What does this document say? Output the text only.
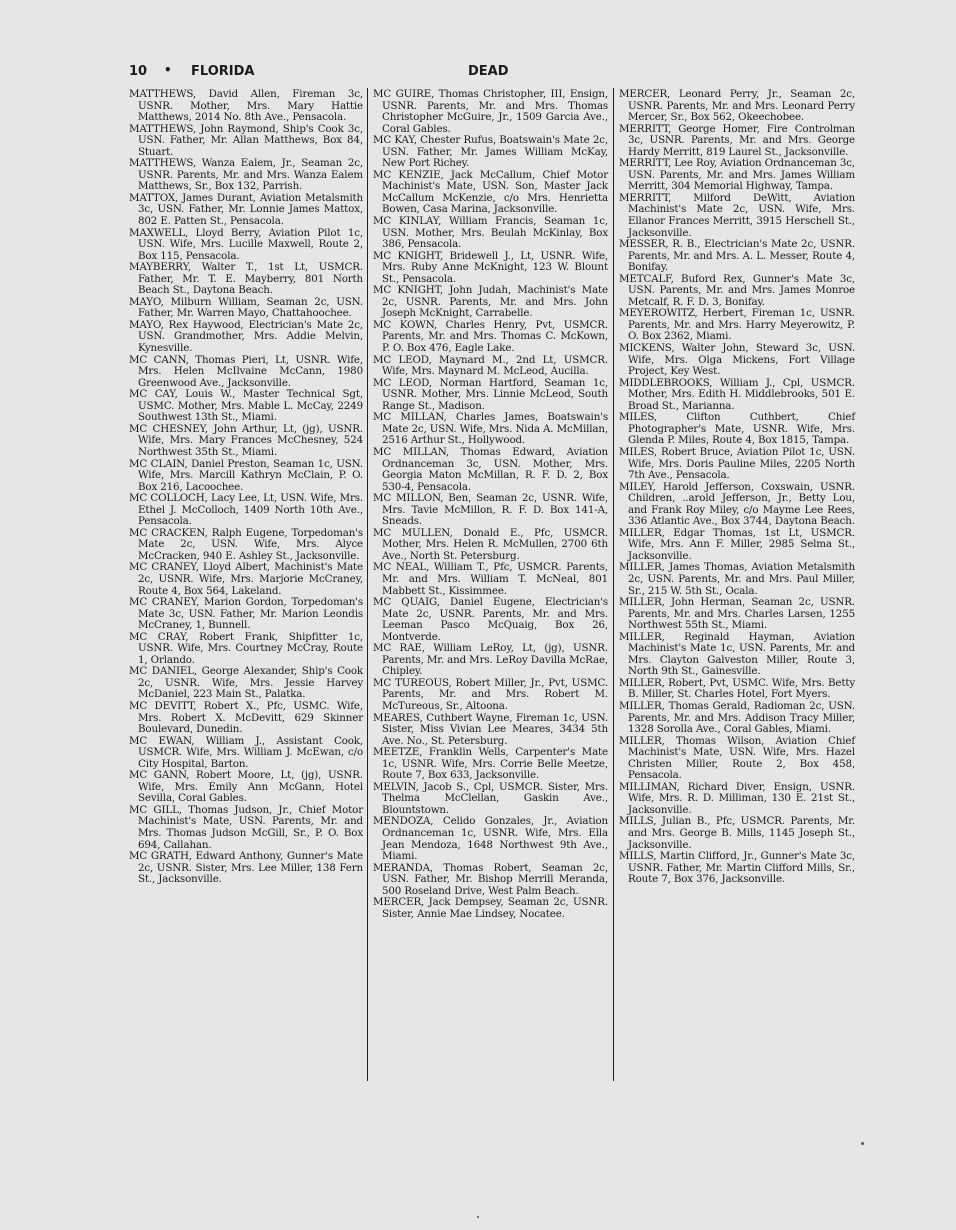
10 • FLORIDA	DEAD

MATTHEWS, David Allen, Fireman 3c, USNR. Mother, Mrs. Mary Hattie Matthews, 2014 No. 8th Ave., Pensacola.

MATTHEWS, John Raymond, Ship's Cook 3c, USN. Father, Mr. Allan Matthews, Box 84, Stuart.

MATTHEWS, Wanza Ealem, Jr., Seaman 2c, USNR. Parents, Mr. and Mrs. Wanza Ealem Matthews, Sr., Box 132, Parrish.

MATTOX, James Durant, Aviation Metalsmith 3c, USN. Father, Mr. Lonnie James Mattox, 802 E. Patten St., Pensacola.

MAXWELL, Lloyd Berry, Aviation Pilot 1c, USN. Wife, Mrs. Lucille Maxwell, Route 2, Box 115, Pensacola.

MAYBERRY, Walter T., 1st Lt, USMCR. Father, Mr. T. E. Mayberry, 801 North Beach St., Daytona Beach.

MAYO, Milburn William, Seaman 2c, USN. Father, Mr. Warren Mayo, Chattahoochee.

MAYO, Rex Haywood, Electrician's Mate 2c, USN. Grandmother, Mrs. Addie Melvin, Kynesville.

MC CANN, Thomas Pieri, Lt, USNR. Wife, Mrs. Helen McIlvaine McCann, 1980 Greenwood Ave., Jacksonville.

MC CAY, Louis W., Master Technical Sgt, USMC. Mother, Mrs. Mable L. McCay, 2249 Southwest 13th St., Miami.

MC CHESNEY, John Arthur, Lt, (jg), USNR. Wife, Mrs. Mary Frances McChesney, 524 Northwest 35th St., Miami.

MC CLAIN, Daniel Preston, Seaman 1c, USN. Wife, Mrs. Marcill Kathryn McClain, P. O. Box 216, Lacoochee.

MC COLLOCH, Lacy Lee, Lt, USN. Wife, Mrs. Ethel J. McColloch, 1409 North 10th Ave., Pensacola.

MC CRACKEN, Ralph Eugene, Torpedoman's Mate 2c, USN. Wife, Mrs. Alyce McCracken, 940 E. Ashley St., Jacksonville.

MC CRANEY, Lloyd Albert, Machinist's Mate 2c, USNR. Wife, Mrs. Marjorie McCraney, Route 4, Box 564, Lakeland.

MC CRANEY, Marion Gordon, Torpedoman's Mate 3c, USN. Father, Mr. Marion Leondis McCraney, 1, Bunnell.

MC CRAY, Robert Frank, Shipfitter 1c, USNR. Wife, Mrs. Courtney McCray, Route 1, Orlando.

MC DANIEL, George Alexander, Ship's Cook 2c, USNR. Wife, Mrs. Jessie Harvey McDaniel, 223 Main St., Palatka.

MC DEVITT, Robert X., Pfc, USMC. Wife, Mrs. Robert X. McDevitt, 629 Skinner Boulevard, Dunedin.

MC EWAN, William J., Assistant Cook, USMCR. Wife, Mrs. William J. McEwan, c/o City Hospital, Barton.

MC GANN, Robert Moore, Lt, (jg), USNR. Wife, Mrs. Emily Ann McGann, Hotel Sevilla, Coral Gables.

MC GILL, Thomas Judson, Jr., Chief Motor Machinist's Mate, USN. Parents, Mr. and Mrs. Thomas Judson McGill, Sr., P. O. Box 694, Callahan.

MC GRATH, Edward Anthony, Gunner's Mate 2c, USNR. Sister, Mrs. Lee Miller, 138 Fern St., Jacksonville.

MC GUIRE, Thomas Christopher, III, Ensign, USNR. Parents, Mr. and Mrs. Thomas Christopher McGuire, Jr., 1509 Garcia Ave., Coral Gables.

MC KAY, Chester Rufus, Boatswain's Mate 2c, USN. Father, Mr. James William McKay, New Port Richey.

MC KENZIE, Jack McCallum, Chief Motor Machinist's Mate, USN. Son, Master Jack McCallum McKenzie, c/o Mrs. Henrietta Bowen, Casa Marina, Jacksonville.

MC KINLAY, William Francis, Seaman 1c, USN. Mother, Mrs. Beulah McKinlay, Box 386, Pensacola.

MC KNIGHT, Bridewell J., Lt, USNR. Wife, Mrs. Ruby Anne McKnight, 123 W. Blount St., Pensacola.

MC KNIGHT, John Judah, Machinist's Mate 2c, USNR. Parents, Mr. and Mrs. John Joseph McKnight, Carrabelle.

MC KOWN, Charles Henry, Pvt, USMCR. Parents, Mr. and Mrs. Thomas C. McKown, P. O. Box 476, Eagle Lake.

MC LEOD, Maynard M., 2nd Lt, USMCR. Wife, Mrs. Maynard M. McLeod, Aucilla.

MC LEOD, Norman Hartford, Seaman 1c, USNR. Mother, Mrs. Linnie McLeod, South Range St., Madison.

MC MILLAN, Charles James, Boatswain's Mate 2c, USN. Wife, Mrs. Nida A. McMillan, 2516 Arthur St., Hollywood.

MC MILLAN, Thomas Edward, Aviation Ordnanceman 3c, USN. Mother, Mrs. Georgia Maton McMillan, R. F. D. 2, Box 530-4, Pensacola.

MC MILLON, Ben, Seaman 2c, USNR. Wife, Mrs. Tavie McMillon, R. F. D. Box 141-A, Sneads.

MC MULLEN, Donald E., Pfc, USMCR. Mother, Mrs. Helen R. McMullen, 2700 6th Ave., North St. Petersburg.

MC NEAL, William T., Pfc, USMCR. Parents, Mr. and Mrs. William T. McNeal, 801 Mabbett St., Kissimmee.

MC QUAIG, Daniel Eugene, Electrician's Mate 2c, USNR. Parents, Mr. and Mrs. Leeman Pasco McQuaig, Box 26, Montverde.

MC RAE, William LeRoy, Lt, (jg), USNR. Parents, Mr. and Mrs. LeRoy Davilla McRae, Chipley.

MC TUREOUS, Robert Miller, Jr., Pvt, USMC. Parents, Mr. and Mrs. Robert M. McTureous, Sr., Altoona.

MEARES, Cuthbert Wayne, Fireman 1c, USN. Sister, Miss Vivian Lee Meares, 3434 5th Ave. No., St. Petersburg.

MEETZE, Franklin Wells, Carpenter's Mate 1c, USNR. Wife, Mrs. Corrie Belle Meetze, Route 7, Box 633, Jacksonville.

MELVIN, Jacob S., Cpl, USMCR. Sister, Mrs. Thelma McClellan, Gaskin Ave., Blountstown.

MENDOZA, Celido Gonzales, Jr., Aviation Ordnanceman 1c, USNR. Wife, Mrs. Ella Jean Mendoza, 1648 Northwest 9th Ave., Miami.

MERANDA, Thomas Robert, Seaman 2c, USN. Father, Mr. Bishop Merrill Meranda, 500 Roseland Drive, West Palm Beach.

MERCER, Jack Dempsey, Seaman 2c, USNR. Sister, Annie Mae Lindsey, Nocatee.

MERCER, Leonard Perry, Jr., Seaman 2c, USNR. Parents, Mr. and Mrs. Leonard Perry Mercer, Sr., Box 562, Okeechobee.

MERRITT, George Homer, Fire Controlman 3c, USNR. Parents, Mr. and Mrs. George Hardy Merritt, 819 Laurel St., Jacksonville.

MERRITT, Lee Roy, Aviation Ordnanceman 3c, USN. Parents, Mr. and Mrs. James William Merritt, 304 Memorial Highway, Tampa.

MERRITT, Milford DeWitt, Aviation Machinist's Mate 2c, USN. Wife, Mrs. Ellanor Frances Merritt, 3915 Herschell St., Jacksonville.

MESSER, R. B., Electrician's Mate 2c, USNR. Parents, Mr. and Mrs. A. L. Messer, Route 4, Bonifay.

METCALF, Buford Rex, Gunner's Mate 3c, USN. Parents, Mr. and Mrs. James Monroe Metcalf, R. F. D. 3, Bonifay.

MEYEROWITZ, Herbert, Fireman 1c, USNR. Parents, Mr. and Mrs. Harry Meyerowitz, P. O. Box 2362, Miami.

MICKENS, Walter John, Steward 3c, USN. Wife, Mrs. Olga Mickens, Fort Village Project, Key West.

MIDDLEBROOKS, William J., Cpl, USMCR. Mother, Mrs. Edith H. Middlebrooks, 501 E. Broad St., Marianna.

MILES, Clifton Cuthbert, Chief Photographer's Mate, USNR. Wife, Mrs. Glenda P. Miles, Route 4, Box 1815, Tampa.

MILES, Robert Bruce, Aviation Pilot 1c, USN. Wife, Mrs. Doris Pauline Miles, 2205 North 7th Ave., Pensacola.

MILEY, Harold Jefferson, Coxswain, USNR. Children, ..arold Jefferson, Jr., Betty Lou, and Frank Roy Miley, c/o Mayme Lee Rees, 336 Atlantic Ave., Box 3744, Daytona Beach.

MILLER, Edgar Thomas, 1st Lt, USMCR. Wife, Mrs. Ann F. Miller, 2985 Selma St., Jacksonville.

MILLER, James Thomas, Aviation Metalsmith 2c, USN. Parents, Mr. and Mrs. Paul Miller, Sr., 215 W. 5th St., Ocala.

MILLER, John Herman, Seaman 2c, USNR. Parents, Mr. and Mrs. Charles Larsen, 1255 Northwest 55th St., Miami.

MILLER, Reginald Hayman, Aviation Machinist's Mate 1c, USN. Parents, Mr. and Mrs. Clayton Galveston Miller, Route 3, North 9th St., Gainesville.

MILLER, Robert, Pvt, USMC. Wife, Mrs. Betty B. Miller, St. Charles Hotel, Fort Myers.

MILLER, Thomas Gerald, Radioman 2c, USN. Parents, Mr. and Mrs. Addison Tracy Miller, 1328 Sorolla Ave., Coral Gables, Miami.

MILLER, Thomas Wilson, Aviation Chief Machinist's Mate, USN. Wife, Mrs. Hazel Christen Miller, Route 2, Box 458, Pensacola.

MILLIMAN, Richard Diver, Ensign, USNR. Wife, Mrs. R. D. Milliman, 130 E. 21st St., Jacksonville.

MILLS, Julian B., Pfc, USMCR. Parents, Mr. and Mrs. George B. Mills, 1145 Joseph St., Jacksonville.

MILLS, Martin Clifford, Jr., Gunner's Mate 3c, USNR. Father, Mr. Martin Clifford Mills, Sr., Route 7, Box 376, Jacksonville.
